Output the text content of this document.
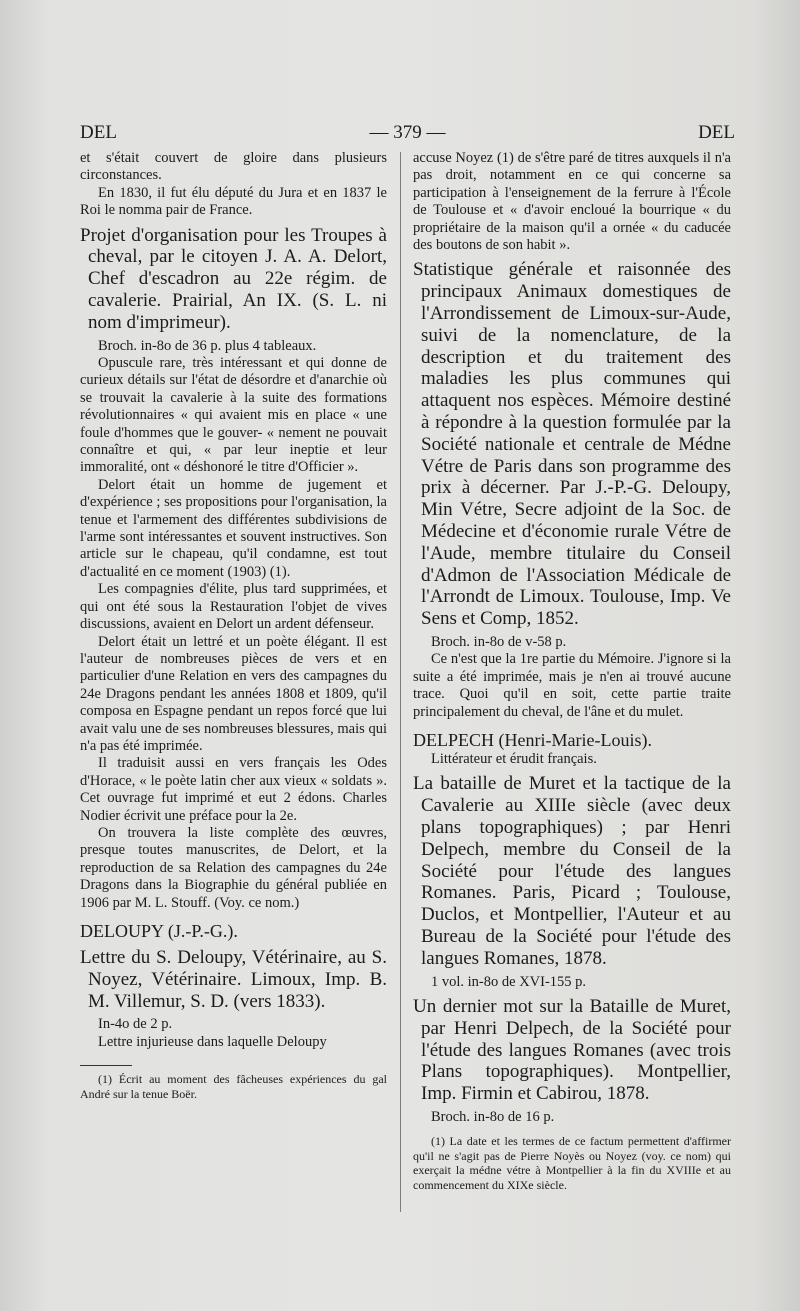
DEL	— 379 —	DEL

et s'était couvert de gloire dans plusieurs circonstances.

En 1830, il fut élu député du Jura et en 1837 le Roi le nomma pair de France.

Projet d'organisation pour les Troupes à cheval, par le citoyen J. A. A. Delort, Chef d'escadron au 22e régim. de cavalerie. Prairial, An IX. (S. L. ni nom d'imprimeur).

Broch. in-8o de 36 p. plus 4 tableaux.

Opuscule rare, très intéressant et qui donne de curieux détails sur l'état de désordre et d'anarchie où se trouvait la cavalerie à la suite des formations révolutionnaires « qui avaient mis en place « une foule d'hommes que le gouver- « nement ne pouvait connaître et qui, « par leur ineptie et leur immoralité, ont « déshonoré le titre d'Officier ».

Delort était un homme de jugement et d'expérience ; ses propositions pour l'organisation, la tenue et l'armement des différentes subdivisions de l'arme sont intéressantes et souvent instructives. Son article sur le chapeau, qu'il condamne, est tout d'actualité en ce moment (1903) (1).

Les compagnies d'élite, plus tard supprimées, et qui ont été sous la Restauration l'objet de vives discussions, avaient en Delort un ardent défenseur.

Delort était un lettré et un poète élégant. Il est l'auteur de nombreuses pièces de vers et en particulier d'une Relation en vers des campagnes du 24e Dragons pendant les années 1808 et 1809, qu'il composa en Espagne pendant un repos forcé que lui avait valu une de ses nombreuses blessures, mais qui n'a pas été imprimée.

Il traduisit aussi en vers français les Odes d'Horace, « le poète latin cher aux vieux « soldats ». Cet ouvrage fut imprimé et eut 2 édons. Charles Nodier écrivit une préface pour la 2e.

On trouvera la liste complète des œuvres, presque toutes manuscrites, de Delort, et la reproduction de sa Relation des campagnes du 24e Dragons dans la Biographie du général publiée en 1906 par M. L. Stouff. (Voy. ce nom.)

DELOUPY (J.-P.-G.).

Lettre du S. Deloupy, Vétérinaire, au S. Noyez, Vétérinaire. Limoux, Imp. B. M. Villemur, S. D. (vers 1833).

In-4o de 2 p.

Lettre injurieuse dans laquelle Deloupy

(1) Écrit au moment des fâcheuses expériences du gal André sur la tenue Boër.

accuse Noyez (1) de s'être paré de titres auxquels il n'a pas droit, notamment en ce qui concerne sa participation à l'enseignement de la ferrure à l'École de Toulouse et « d'avoir encloué la bourrique « du propriétaire de la maison qu'il a ornée « du caducée des boutons de son habit ».

Statistique générale et raisonnée des principaux Animaux domestiques de l'Arrondissement de Limoux-sur-Aude, suivi de la nomenclature, de la description et du traitement des maladies les plus communes qui attaquent nos espèces. Mémoire destiné à répondre à la question formulée par la Société nationale et centrale de Médne Vétre de Paris dans son programme des prix à décerner. Par J.-P.-G. Deloupy, Min Vétre, Secre adjoint de la Soc. de Médecine et d'économie rurale Vétre de l'Aude, membre titulaire du Conseil d'Admon de l'Association Médicale de l'Arrondt de Limoux. Toulouse, Imp. Ve Sens et Comp, 1852.

Broch. in-8o de v-58 p.

Ce n'est que la 1re partie du Mémoire. J'ignore si la suite a été imprimée, mais je n'en ai trouvé aucune trace. Quoi qu'il en soit, cette partie traite principalement du cheval, de l'âne et du mulet.

DELPECH (Henri-Marie-Louis).

Littérateur et érudit français.

La bataille de Muret et la tactique de la Cavalerie au XIIIe siècle (avec deux plans topographiques) ; par Henri Delpech, membre du Conseil de la Société pour l'étude des langues Romanes. Paris, Picard ; Toulouse, Duclos, et Montpellier, l'Auteur et au Bureau de la Société pour l'étude des langues Romanes, 1878.

1 vol. in-8o de XVI-155 p.

Un dernier mot sur la Bataille de Muret, par Henri Delpech, de la Société pour l'étude des langues Romanes (avec trois Plans topographiques). Montpellier, Imp. Firmin et Cabirou, 1878.

Broch. in-8o de 16 p.

(1) La date et les termes de ce factum permettent d'affirmer qu'il ne s'agit pas de Pierre Noyès ou Noyez (voy. ce nom) qui exerçait la médne vétre à Montpellier à la fin du XVIIIe et au commencement du XIXe siècle.
